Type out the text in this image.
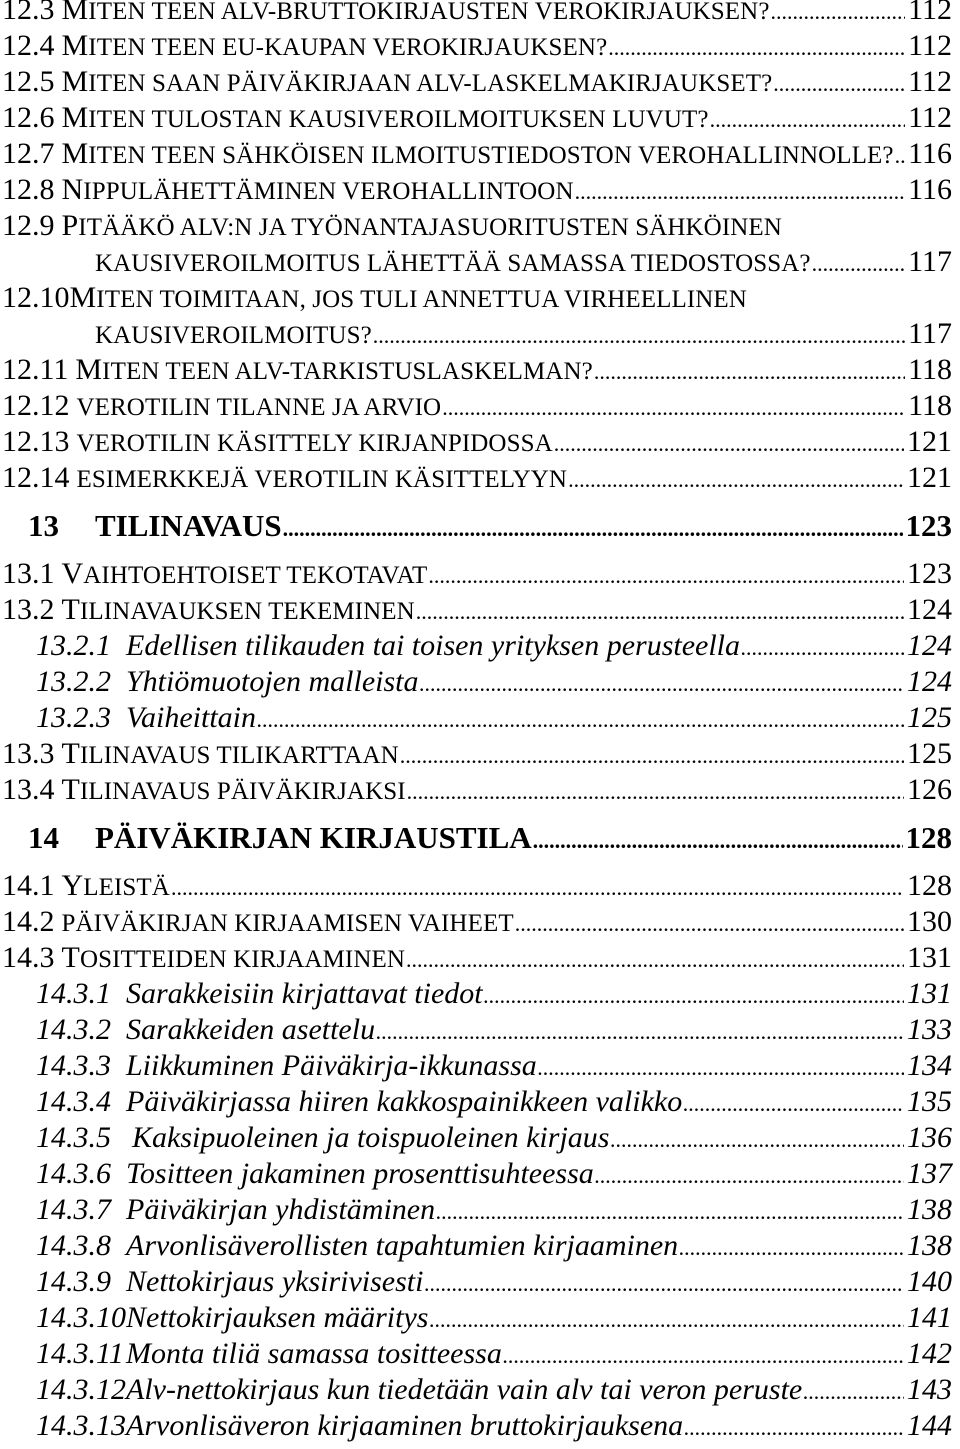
12.3 MITEN TEEN ALV-BRUTTOKIRJAUSTEN VEROKIRJAUKSEN? .....	112
12.4 MITEN TEEN EU-KAUPAN VEROKIRJAUKSEN? .....	112
12.5 MITEN SAAN PÄIVÄKIRJAAN ALV-LASKELMAKIRJAUKSET? .....	112
12.6 MITEN TULOSTAN KAUSIVEROILMOITUKSEN LUVUT? .....	112
12.7 MITEN TEEN SÄHKÖISEN ILMOITUSTIEDOSTON VEROHALLINNOLLE? ..... 116
12.8 NIPPULÄHETTÄMINEN VEROHALLINTOON .....	116
12.9 PITÄÄKÖ ALV:N JA TYÖNANTAJASUORITUSTEN SÄHKÖINEN
KAUSIVEROILMOITUS LÄHETTÄÄ SAMASSA TIEDOSTOSSA? .....	117
12.10 MITEN TOIMITAAN, JOS TULI ANNETTUA VIRHEELLINEN
KAUSIVEROILMOITUS? .....	117
12.11 MITEN TEEN ALV-TARKISTUSLASKELMAN? .....	118
12.12 VEROTILIN TILANNE JA ARVIO .....	118
12.13 VEROTILIN KÄSITTELY KIRJANPIDOSSA .....	121
12.14 ESIMERKKEJÄ VEROTILIN KÄSITTELYYN .....	121
13	TILINAVAUS .....	123
13.1 VAIHTOEHTOISET TEKOTAVAT .....	123
13.2 TILINAVAUKSEN TEKEMINEN .....	124
13.2.1 Edellisen tilikauden tai toisen yrityksen perusteella .....	124
13.2.2 Yhtiömuotojen malleista .....	124
13.2.3 Vaiheittain .....	125
13.3 TILINAVAUS TILIKARTTAAN .....	125
13.4 TILINAVAUS PÄIVÄKIRJAKSI .....	126
14	PÄIVÄKIRJAN KIRJAUSTILA .....	128
14.1 YLEISTÄ .....	128
14.2 PÄIVÄKIRJAN KIRJAAMISEN VAIHEET .....	130
14.3 TOSITTEIDEN KIRJAAMINEN .....	131
14.3.1 Sarakkeisiin kirjattavat tiedot .....	131
14.3.2 Sarakkeiden asettelu .....	133
14.3.3 Liikkuminen Päiväkirja-ikkunassa .....	134
14.3.4 Päiväkirjassa hiiren kakkospainikkeen valikko .....	135
14.3.5 Kaksipuoleinen ja toispuoleinen kirjaus .....	136
14.3.6 Tositteen jakaminen prosenttisuhteessa .....	137
14.3.7 Päiväkirjan yhdistäminen .....	138
14.3.8 Arvonlisäverollisten tapahtumien kirjaaminen .....	138
14.3.9 Nettokirjaus yksirivisesti .....	140
14.3.10 Nettokirjauksen määritys .....	141
14.3.11 Monta tiliä samassa tositteessa .....	142
14.3.12 Alv-nettokirjaus kun tiedetään vain alv tai veron peruste .....	143
14.3.13 Arvonlisäveron kirjaaminen bruttokirjauksena .....	144
